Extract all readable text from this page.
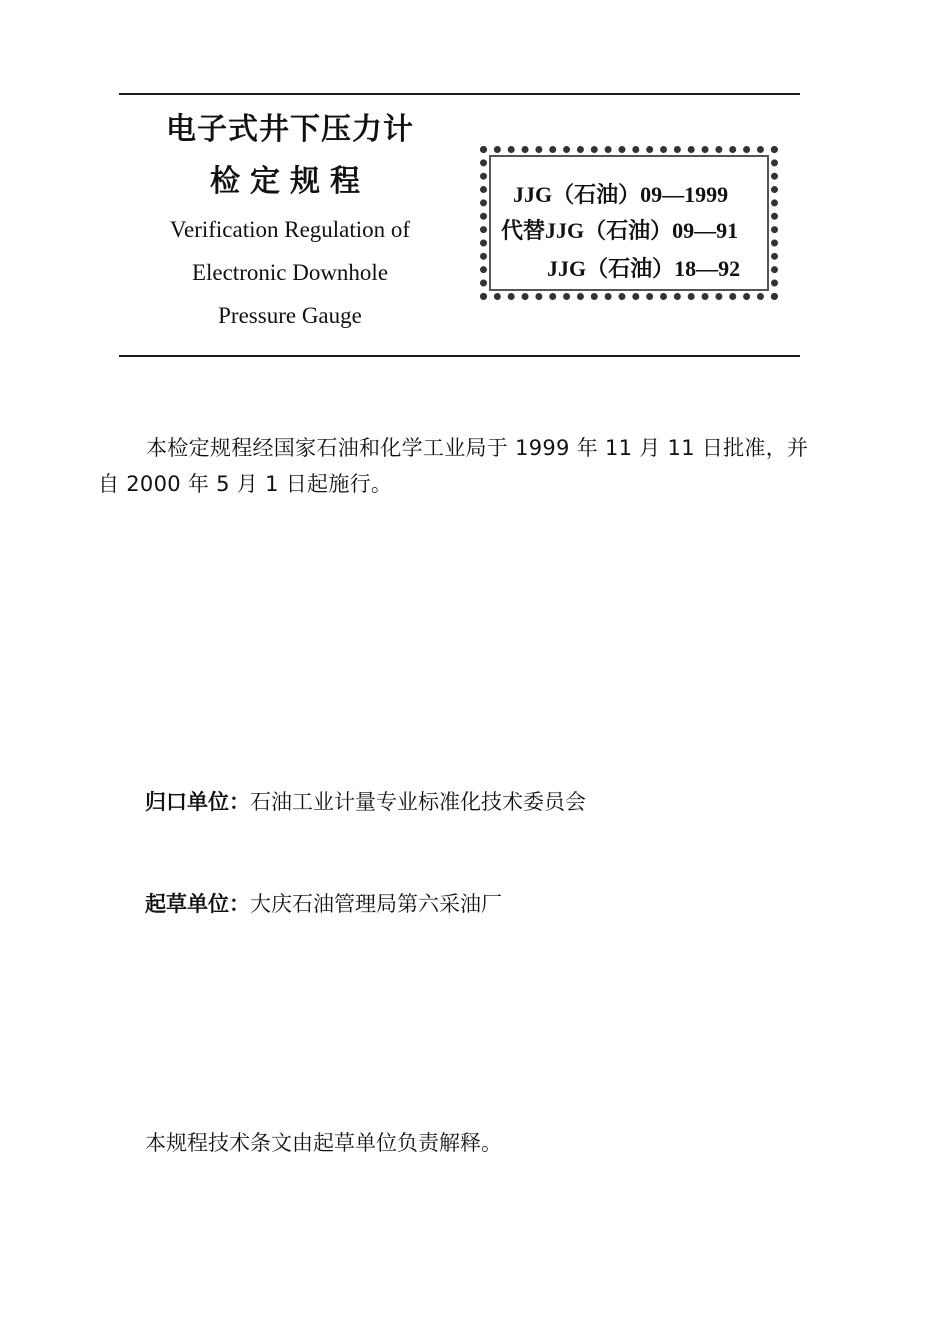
电子式井下压力计

检定规程

Verification Regulation of

Electronic Downhole

Pressure Gauge

JJG（石油）09—1999
代替JJG（石油）09—91
JJG（石油）18—92

本检定规程经国家石油和化学工业局于 1999 年 11 月 11 日批准，并自 2000 年 5 月 1 日起施行。

归口单位：石油工业计量专业标准化技术委员会
起草单位：大庆石油管理局第六采油厂
本规程技术条文由起草单位负责解释。
